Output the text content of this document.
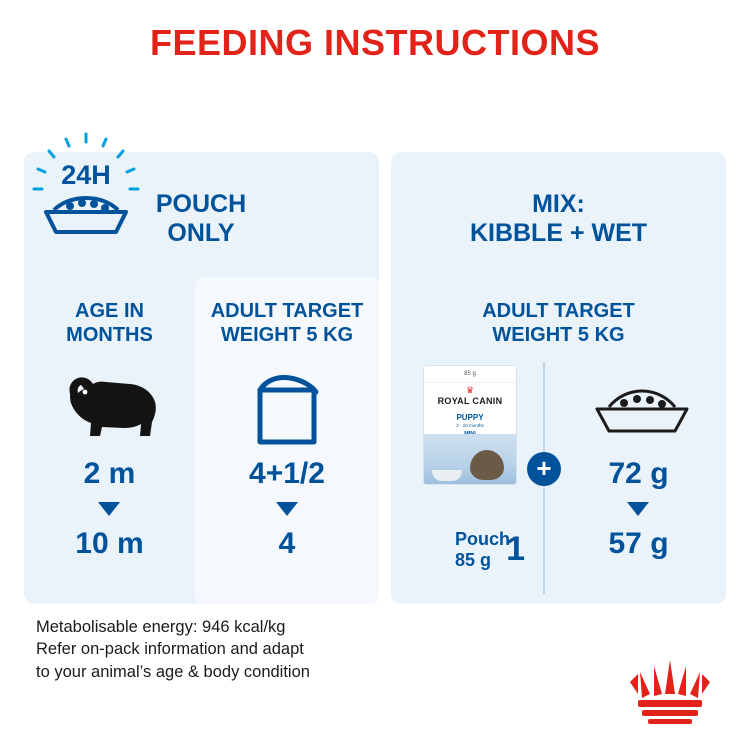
FEEDING INSTRUCTIONS
POUCH
ONLY
AGE IN
MONTHS
2 m
10 m
ADULT TARGET
WEIGHT 5 KG
4+1/2
4
24H
MIX:
KIBBLE + WET
ADULT TARGET
WEIGHT 5 KG
85 g
♛
ROYAL CANIN
PUPPY
2 - 10 months
1
Pouch
85 g
+	72 g
57 g
Metabolisable energy: 946 kcal/kg
Refer on-pack information and adapt
to your animal’s age & body condition
